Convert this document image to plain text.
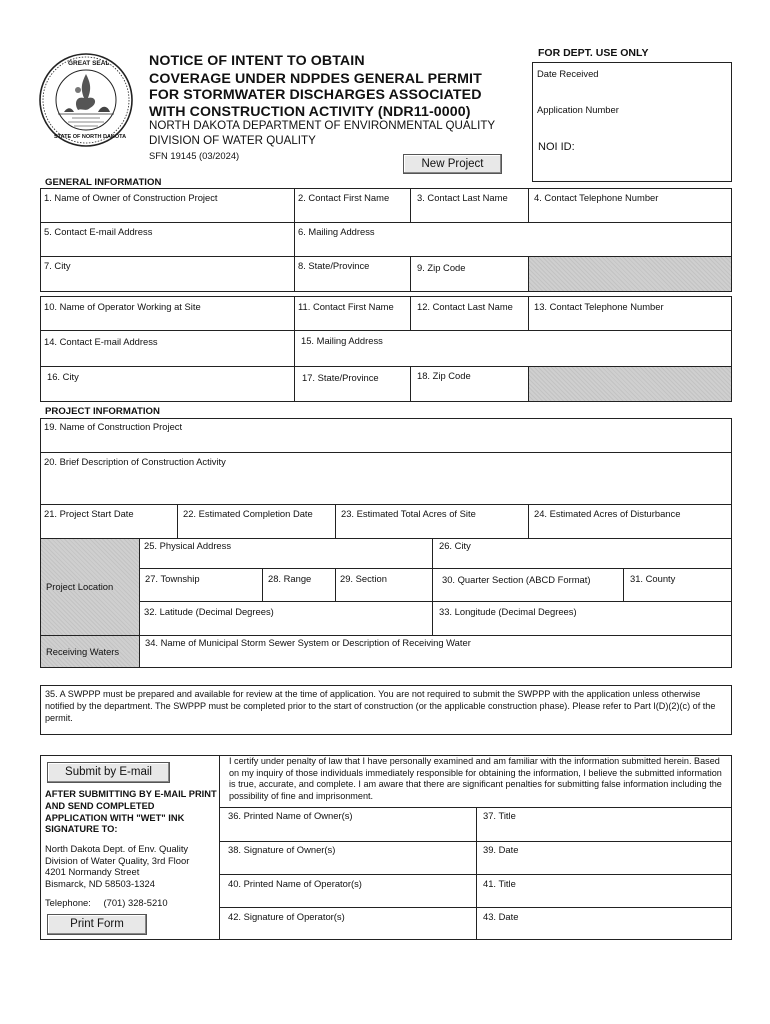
GREAT SEAL
STATE OF NORTH DAKOTA
NOTICE OF INTENT TO OBTAIN
COVERAGE UNDER NDPDES GENERAL PERMIT
FOR STORMWATER DISCHARGES ASSOCIATED
WITH CONSTRUCTION ACTIVITY (NDR11-0000)
NORTH DAKOTA DEPARTMENT OF ENVIRONMENTAL QUALITY
DIVISION OF WATER QUALITY
SFN 19145 (03/2024)
New Project
FOR DEPT. USE ONLY
Date Received
Application Number
NOI ID:
GENERAL INFORMATION
1. Name of Owner of Construction Project	2. Contact First Name	3. Contact Last Name	4. Contact Telephone Number
5. Contact E-mail Address	6. Mailing Address
7. City	8. State/Province	9. Zip Code
10. Name of Operator Working at Site	11. Contact First Name	12. Contact Last Name	13. Contact Telephone Number
14. Contact E-mail Address	15. Mailing Address
16. City	17. State/Province	18. Zip Code
PROJECT INFORMATION
19. Name of Construction Project
20. Brief Description of Construction Activity
21. Project Start Date	22. Estimated Completion Date	23. Estimated Total Acres of Site	24. Estimated Acres of Disturbance
Project Location
25. Physical Address	26. City
27. Township	28. Range	29. Section	30. Quarter Section (ABCD Format)	31. County
32. Latitude (Decimal Degrees)	33. Longitude (Decimal Degrees)
Receiving Waters
34. Name of Municipal Storm Sewer System or Description of Receiving Water
35. A SWPPP must be prepared and available for review at the time of application. You are not required to submit the SWPPP with the application unless otherwise notified by the department. The SWPPP must be completed prior to the start of construction (or the applicable construction phase). Please refer to Part I(D)(2)(c) of the permit.
Submit by E-mail
AFTER SUBMITTING BY E-MAIL PRINT AND SEND COMPLETED APPLICATION WITH "WET" INK SIGNATURE TO:
North Dakota Dept. of Env. Quality
Division of Water Quality, 3rd Floor
4201 Normandy Street
Bismarck, ND 58503-1324
Telephone: (701) 328-5210
Print Form
I certify under penalty of law that I have personally examined and am familiar with the information submitted herein. Based on my inquiry of those individuals immediately responsible for obtaining the information, I believe the submitted information is true, accurate, and complete. I am aware that there are significant penalties for submitting false information including the possibility of fine and imprisonment.
36. Printed Name of Owner(s)	37. Title
38. Signature of Owner(s)	39. Date
40. Printed Name of Operator(s)	41. Title
42. Signature of Operator(s)	43. Date
